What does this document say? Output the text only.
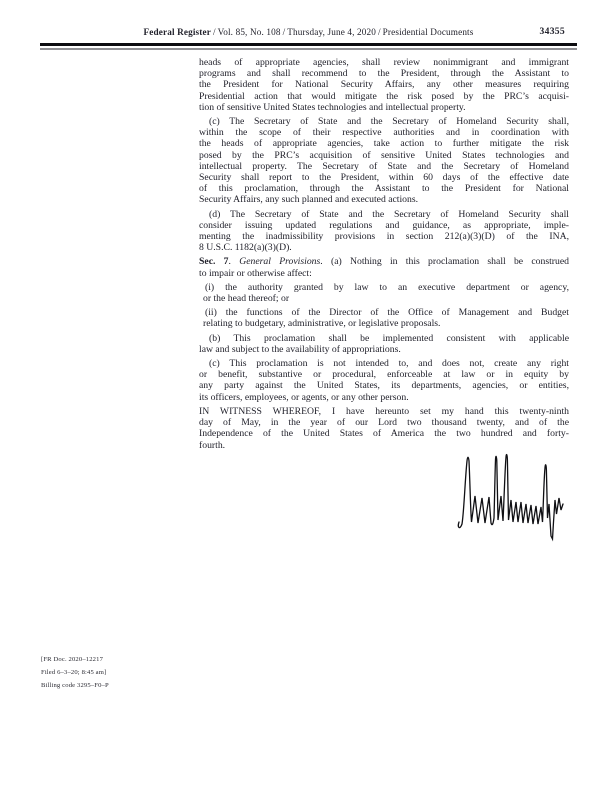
Federal Register / Vol. 85, No. 108 / Thursday, June 4, 2020 / Presidential Documents	34355
heads of appropriate agencies, shall review nonimmigrant and immigrant
programs and shall recommend to the President, through the Assistant to
the President for National Security Affairs, any other measures requiring
Presidential action that would mitigate the risk posed by the PRC’s acquisi-
tion of sensitive United States technologies and intellectual property.
(c) The Secretary of State and the Secretary of Homeland Security shall,
within the scope of their respective authorities and in coordination with
the heads of appropriate agencies, take action to further mitigate the risk
posed by the PRC’s acquisition of sensitive United States technologies and
intellectual property. The Secretary of State and the Secretary of Homeland
Security shall report to the President, within 60 days of the effective date
of this proclamation, through the Assistant to the President for National
Security Affairs, any such planned and executed actions.
(d) The Secretary of State and the Secretary of Homeland Security shall
consider issuing updated regulations and guidance, as appropriate, imple-
menting the inadmissibility provisions in section 212(a)(3)(D) of the INA,
8 U.S.C. 1182(a)(3)(D).
Sec. 7. General Provisions. (a) Nothing in this proclamation shall be construed
to impair or otherwise affect:
(i) the authority granted by law to an executive department or agency,
or the head thereof; or
(ii) the functions of the Director of the Office of Management and Budget
relating to budgetary, administrative, or legislative proposals.
(b) This proclamation shall be implemented consistent with applicable
law and subject to the availability of appropriations.
(c) This proclamation is not intended to, and does not, create any right
or benefit, substantive or procedural, enforceable at law or in equity by
any party against the United States, its departments, agencies, or entities,
its officers, employees, or agents, or any other person.
IN WITNESS WHEREOF, I have hereunto set my hand this twenty-ninth
day of May, in the year of our Lord two thousand twenty, and of the
Independence of the United States of America the two hundred and forty-
fourth.
[FR Doc. 2020–12217
Filed 6–3–20; 8:45 am]
Billing code 3295–F0–P
